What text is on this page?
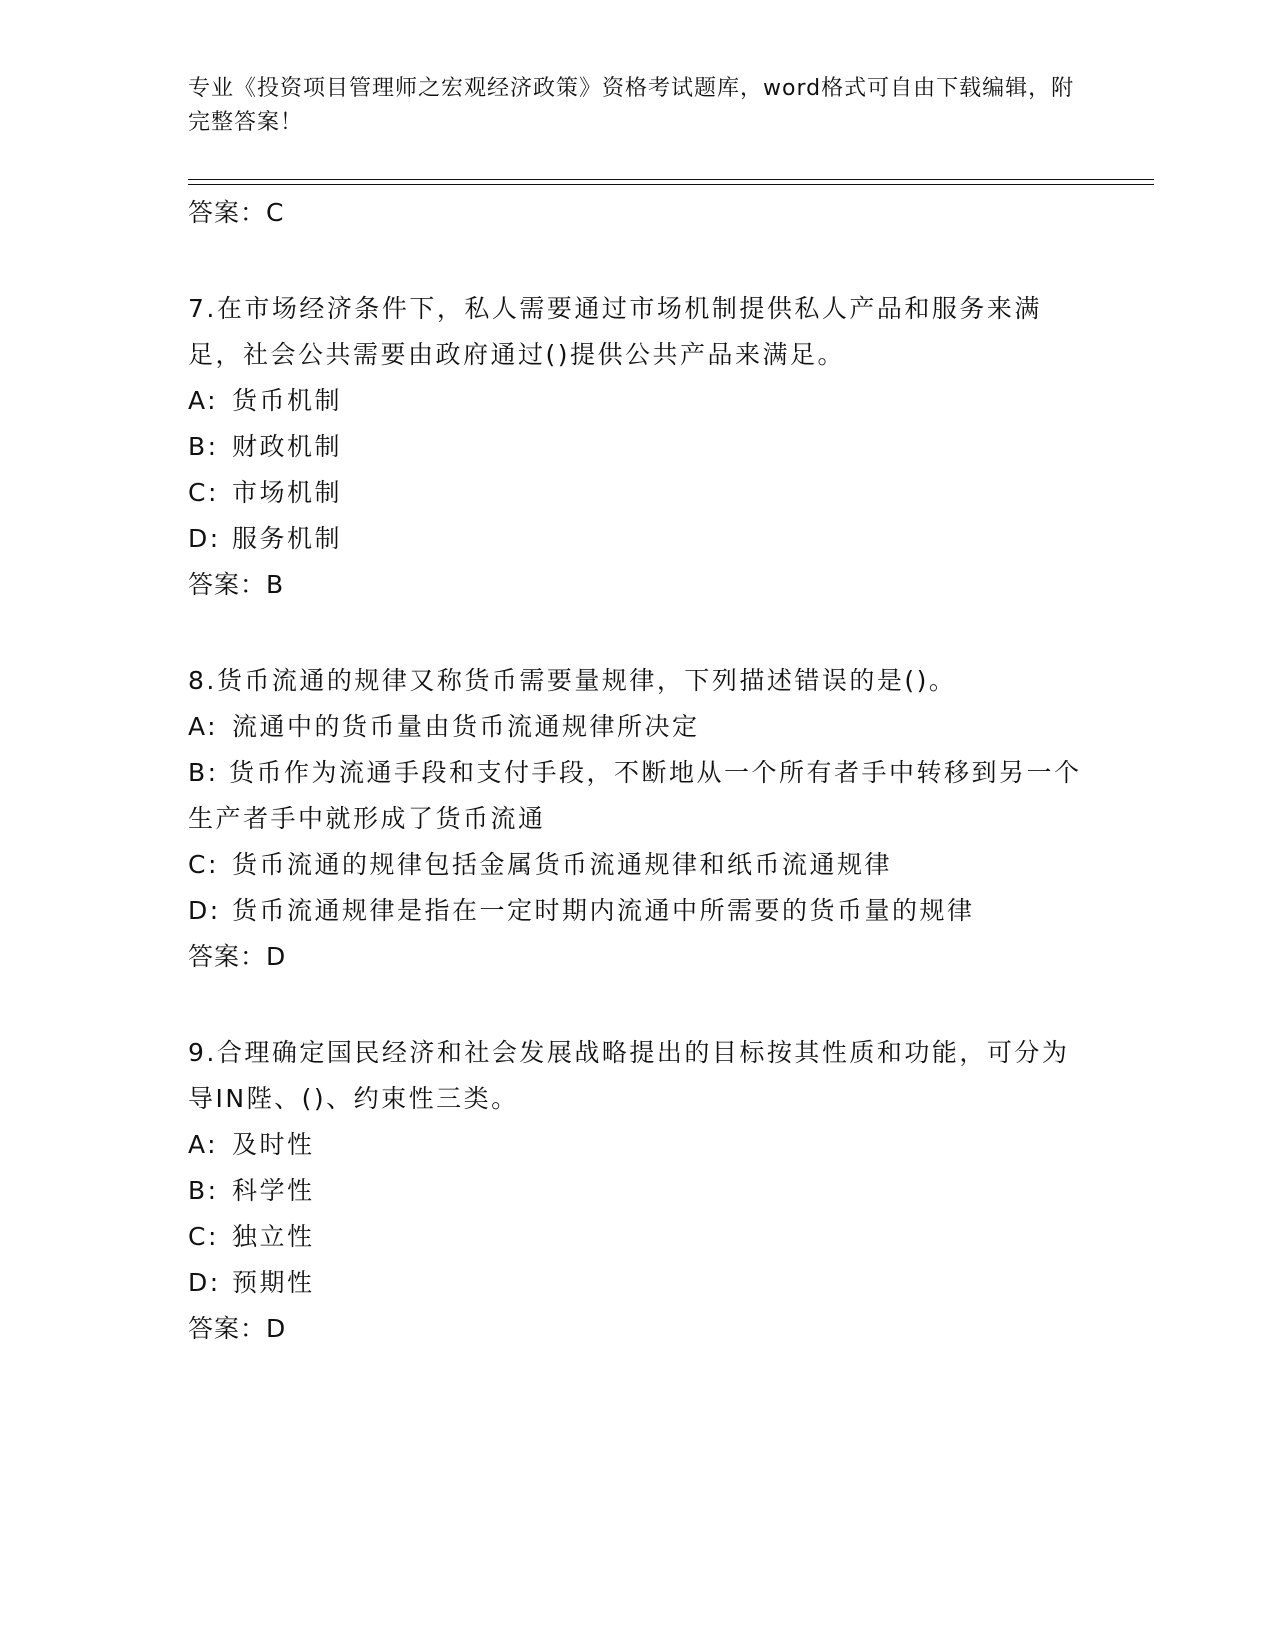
专业《投资项目管理师之宏观经济政策》资格考试题库，word格式可自由下载编辑，附完整答案！
答案：C

7.在市场经济条件下，私人需要通过市场机制提供私人产品和服务来满足，社会公共需要由政府通过()提供公共产品来满足。

A: 货币机制

B: 财政机制

C: 市场机制

D: 服务机制

答案：B

8.货币流通的规律又称货币需要量规律，下列描述错误的是()。

A: 流通中的货币量由货币流通规律所决定

B: 货币作为流通手段和支付手段，不断地从一个所有者手中转移到另一个生产者手中就形成了货币流通

C: 货币流通的规律包括金属货币流通规律和纸币流通规律

D: 货币流通规律是指在一定时期内流通中所需要的货币量的规律

答案：D

9.合理确定国民经济和社会发展战略提出的目标按其性质和功能，可分为导IN陛、()、约束性三类。

A: 及时性

B: 科学性

C: 独立性

D: 预期性

答案：D
